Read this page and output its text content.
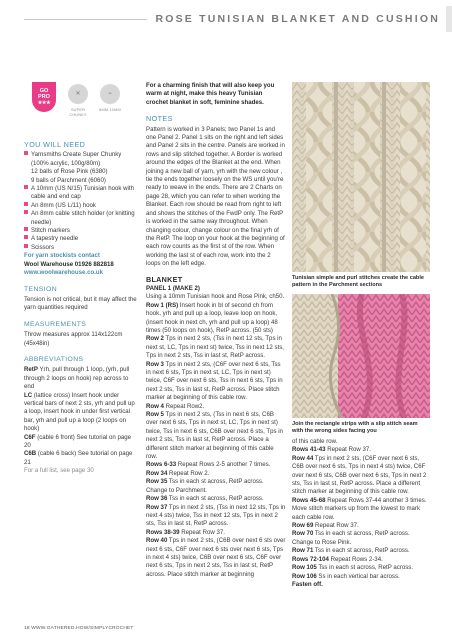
ROSE TUNISIAN BLANKET AND CUSHION
GO
PRO
★★★
✕
SUPER CHUNKY
⌁
8MM 10MM
YOU WILL NEED

Yarnsmiths Create Super Chunky (100% acrylic, 100g/80m)

12 balls of Rose Pink (6380)

9 balls of Parchment (6060)

A 10mm (US N/15) Tunisian hook with cable and end cap

An 8mm (US L/11) hook

An 8mm cable stitch holder (or knitting needle)

Stitch markers

A tapestry needle

Scissors

For yarn stockists contact

Wool Warehouse 01926 882818

www.woolwarehouse.co.uk

TENSION

Tension is not critical, but it may affect the yarn quantities required

MEASUREMENTS

Throw measures approx 114x122cm (45x48in)

ABBREVIATIONS

RetP Yrh, pull through 1 loop, (yrh, pull through 2 loops on hook) rep across to end

LC (lattice cross) Insert hook under vertical bars of next 2 sts, yrh and pull up a loop, insert hook in under first vertical bar, yrh and pull up a loop (2 loops on hook)

C6F (cable 6 front) See tutorial on page 20

C6B (cable 6 back) See tutorial on page 21

For a full list, see page 30

For a charming finish that will also keep you warm at night, make this heavy Tunisian crochet blanket in soft, feminine shades.

NOTES

Pattern is worked in 3 Panels; two Panel 1s and one Panel 2. Panel 1 sits on the right and left sides and Panel 2 sits in the centre. Panels are worked in rows and slip stitched together. A Border is worked around the edges of the Blanket at the end. When joining a new ball of yarn, yrh with the new colour , tie the ends together loosely on the WS until you're ready to weave in the ends. There are 2 Charts on page 28, which you can refer to when working the Blanket. Each row should be read from right to left and shows the stitches of the FwdP only. The RetP is worked in the same way throughout. When changing colour, change colour on the final yrh of the RetP. The loop on your hook at the beginning of each row counts as the first st of the row. When working the last st of each row, work into the 2 loops on the left edge.

BLANKET

PANEL 1 (MAKE 2)

Using a 10mm Tunisian hook and Rose Pink, ch50.

Row 1 (RS) Insert hook in bl of second ch from hook, yrh and pull up a loop, leave loop on hook, (insert hook in next ch, yrh and pull up a loop) 48 times (50 loops on hook), RetP across. (50 sts)

Row 2 Tps in next 2 sts, (Tss in next 12 sts, Tps in next st, LC, Tps in next st) twice, Tss in next 12 sts, Tps in next 2 sts, Tss in last st, RetP across.

Row 3 Tps in next 2 sts, (C6F over next 6 sts, Tss in next 6 sts, Tps in next st, LC, Tps in next st) twice, C6F over next 6 sts, Tss in next 6 sts, Tps in next 2 sts, Tss in last st, RetP across. Place stitch marker at beginning of this cable row.

Row 4 Repeat Row2.

Row 5 Tps in next 2 sts, (Tss in next 6 sts, C6B over next 6 sts, Tps in next st, LC, Tps in next st) twice, Tss in next 6 sts, C6B over next 6 sts, Tps in next 2 sts, Tss in last st, RetP across. Place a different stitch marker at beginning of this cable row.

Rows 6-33 Repeat Rows 2-5 another 7 times.

Row 34 Repeat Row 2.

Row 35 Tss in each st across, RetP across. Change to Parchment.

Row 36 Tss in each st across, RetP across.

Row 37 Tps in next 2 sts, (Tss in next 12 sts, Tps in next 4 sts) twice, Tss in next 12 sts, Tps in next 2 sts, Tss in last st, RetP across.

Rows 38-39 Repeat Row 37.

Row 40 Tps in next 2 sts, (C6B over next 6 sts over next 6 sts, C6F over next 6 sts over next 6 sts, Tps in next 4 sts) twice, C6B over next 6 sts, C6F over next 6 sts, Tps in next 2 sts, Tss in last st, RetP across. Place stitch marker at beginning

Tunisian simple and purl stitches create the cable pattern in the Parchment sections
Join the rectangle strips with a slip stitch seam with the wrong sides facing you

of this cable row.

Rows 41-43 Repeat Row 37.

Row 44 Tps in next 2 sts, (C6F over next 6 sts, C6B over next 6 sts, Tps in next 4 sts) twice, C6F over next 6 sts, C6B over next 6 sts, Tps in next 2 sts, Tss in last st, RetP across. Place a different stitch marker at beginning of this cable row.

Rows 45-68 Repeat Rows 37-44 another 3 times. Move stitch markers up from the lowest to mark each cable row.

Row 69 Repeat Row 37.

Row 70 Tss in each st across, RetP across. Change to Rose Pink.

Row 71 Tss in each st across, RetP across.

Rows 72-104 Repeat Rows 2-34.

Row 105 Tss in each st across, RetP across.

Row 106 Ss in each vertical bar across.

Fasten off.

18 WWW.GATHERED.HOW/SIMPLYCROCHET
